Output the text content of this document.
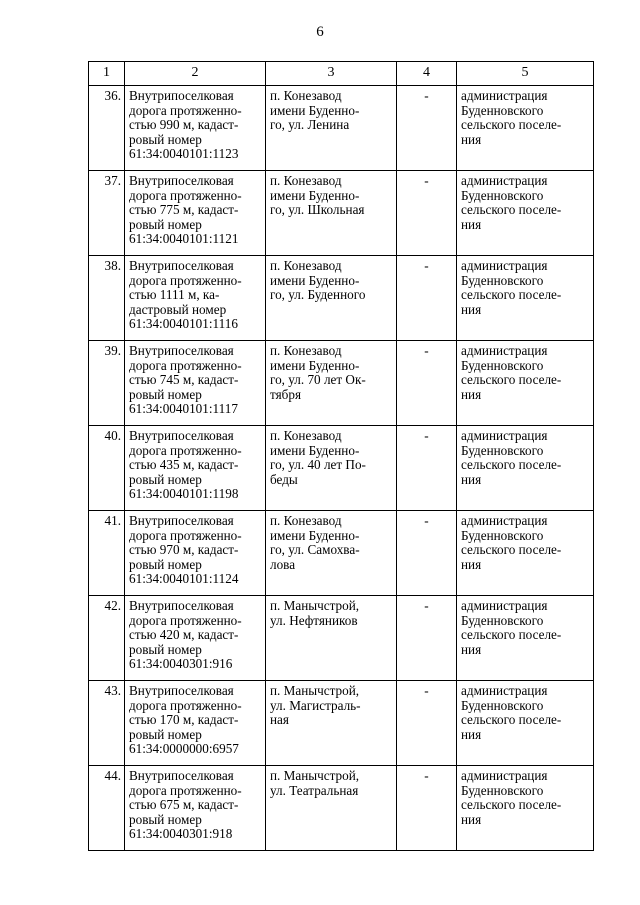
6
1	2	3	4	5
36.	Внутрипоселковая
дорога протяженно-
стью 990 м, кадаст-
ровый номер
61:34:0040101:1123	п. Конезавод
имени Буденно-
го, ул. Ленина	-	администрация
Буденновского
сельского поселе-
ния
37.	Внутрипоселковая
дорога протяженно-
стью 775 м, кадаст-
ровый номер
61:34:0040101:1121	п. Конезавод
имени Буденно-
го, ул. Школьная	-	администрация
Буденновского
сельского поселе-
ния
38.	Внутрипоселковая
дорога протяженно-
стью 1111 м, ка-
дастровый номер
61:34:0040101:1116	п. Конезавод
имени Буденно-
го, ул. Буденного	-	администрация
Буденновского
сельского поселе-
ния
39.	Внутрипоселковая
дорога протяженно-
стью 745 м, кадаст-
ровый номер
61:34:0040101:1117	п. Конезавод
имени Буденно-
го, ул. 70 лет Ок-
тября	-	администрация
Буденновского
сельского поселе-
ния
40.	Внутрипоселковая
дорога протяженно-
стью 435 м, кадаст-
ровый номер
61:34:0040101:1198	п. Конезавод
имени Буденно-
го, ул. 40 лет По-
беды	-	администрация
Буденновского
сельского поселе-
ния
41.	Внутрипоселковая
дорога протяженно-
стью 970 м, кадаст-
ровый номер
61:34:0040101:1124	п. Конезавод
имени Буденно-
го, ул. Самохва-
лова	-	администрация
Буденновского
сельского поселе-
ния
42.	Внутрипоселковая
дорога протяженно-
стью 420 м, кадаст-
ровый номер
61:34:0040301:916	п. Манычстрой,
ул. Нефтяников	-	администрация
Буденновского
сельского поселе-
ния
43.	Внутрипоселковая
дорога протяженно-
стью 170 м, кадаст-
ровый номер
61:34:0000000:6957	п. Манычстрой,
ул. Магистраль-
ная	-	администрация
Буденновского
сельского поселе-
ния
44.	Внутрипоселковая
дорога протяженно-
стью 675 м, кадаст-
ровый номер
61:34:0040301:918	п. Манычстрой,
ул. Театральная	-	администрация
Буденновского
сельского поселе-
ния
